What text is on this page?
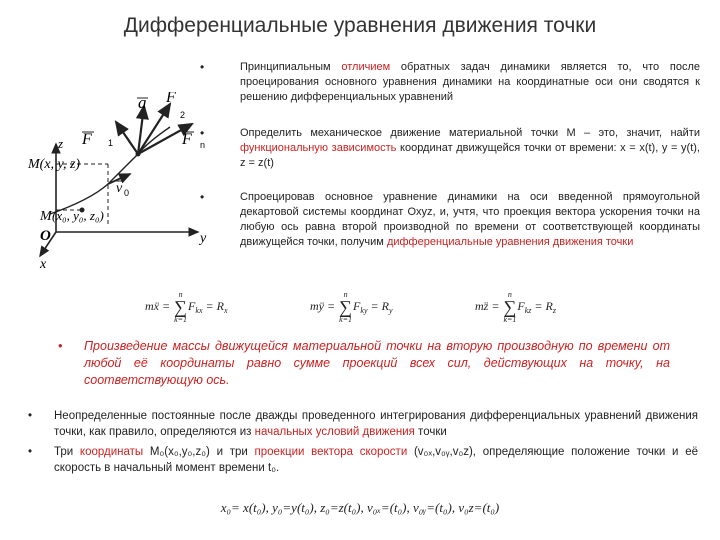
Дифференциальные уравнения движения точки
a F
2
F 1	F n
z
M(x, y, z)
v 0
M (x₀, y₀, z₀)
O	y
x
•	Принципиальным отличием обратных задач динамики является то, что после проецирования основного уравнения динамики на координатные оси они сводятся к решению дифференциальных уравнений
•	Определить механическое движение материальной точки М – это, значит, найти функциональную зависимость координат движущейся точки от времени: x = x(t), y = y(t), z = z(t)
•	Спроецировав основное уравнение динамики на оси введенной прямоугольной декартовой системы координат Oxyz, и, учтя, что проекция вектора ускорения точки на любую ось равна второй производной по времени от соответствующей координаты движущейся точки, получим дифференциальные уравнения движения точки
mẍ = n
∑
$k=1F_{kx} = R_x$	mÿ = n
∑
$k=1F_{ky} = R_y$	mz̈ = n
∑
$k=1F_{kz} = R_z$
• Произведение массы движущейся материальной точки на вторую производную по времени от любой её координаты равно сумме проекций всех сил, действующих на точку, на соответствующую ось.
• Неопределенные постоянные после дважды проведенного интегрирования дифференциальных уравнений движения точки, как правило, определяются из начальных условий движения точки
• Три координаты M₀(x₀,y₀,z₀) и три проекции вектора скорости (v₀ₓ,v₀ᵧ,v₀z), определяющие положение точки и её скорость в начальный момент времени t₀.
x₀= x(t₀), y₀=y(t₀), z₀=z(t₀), v₀ₓ=(t₀), v₀ᵧ=(t₀), v₀z=(t₀)
